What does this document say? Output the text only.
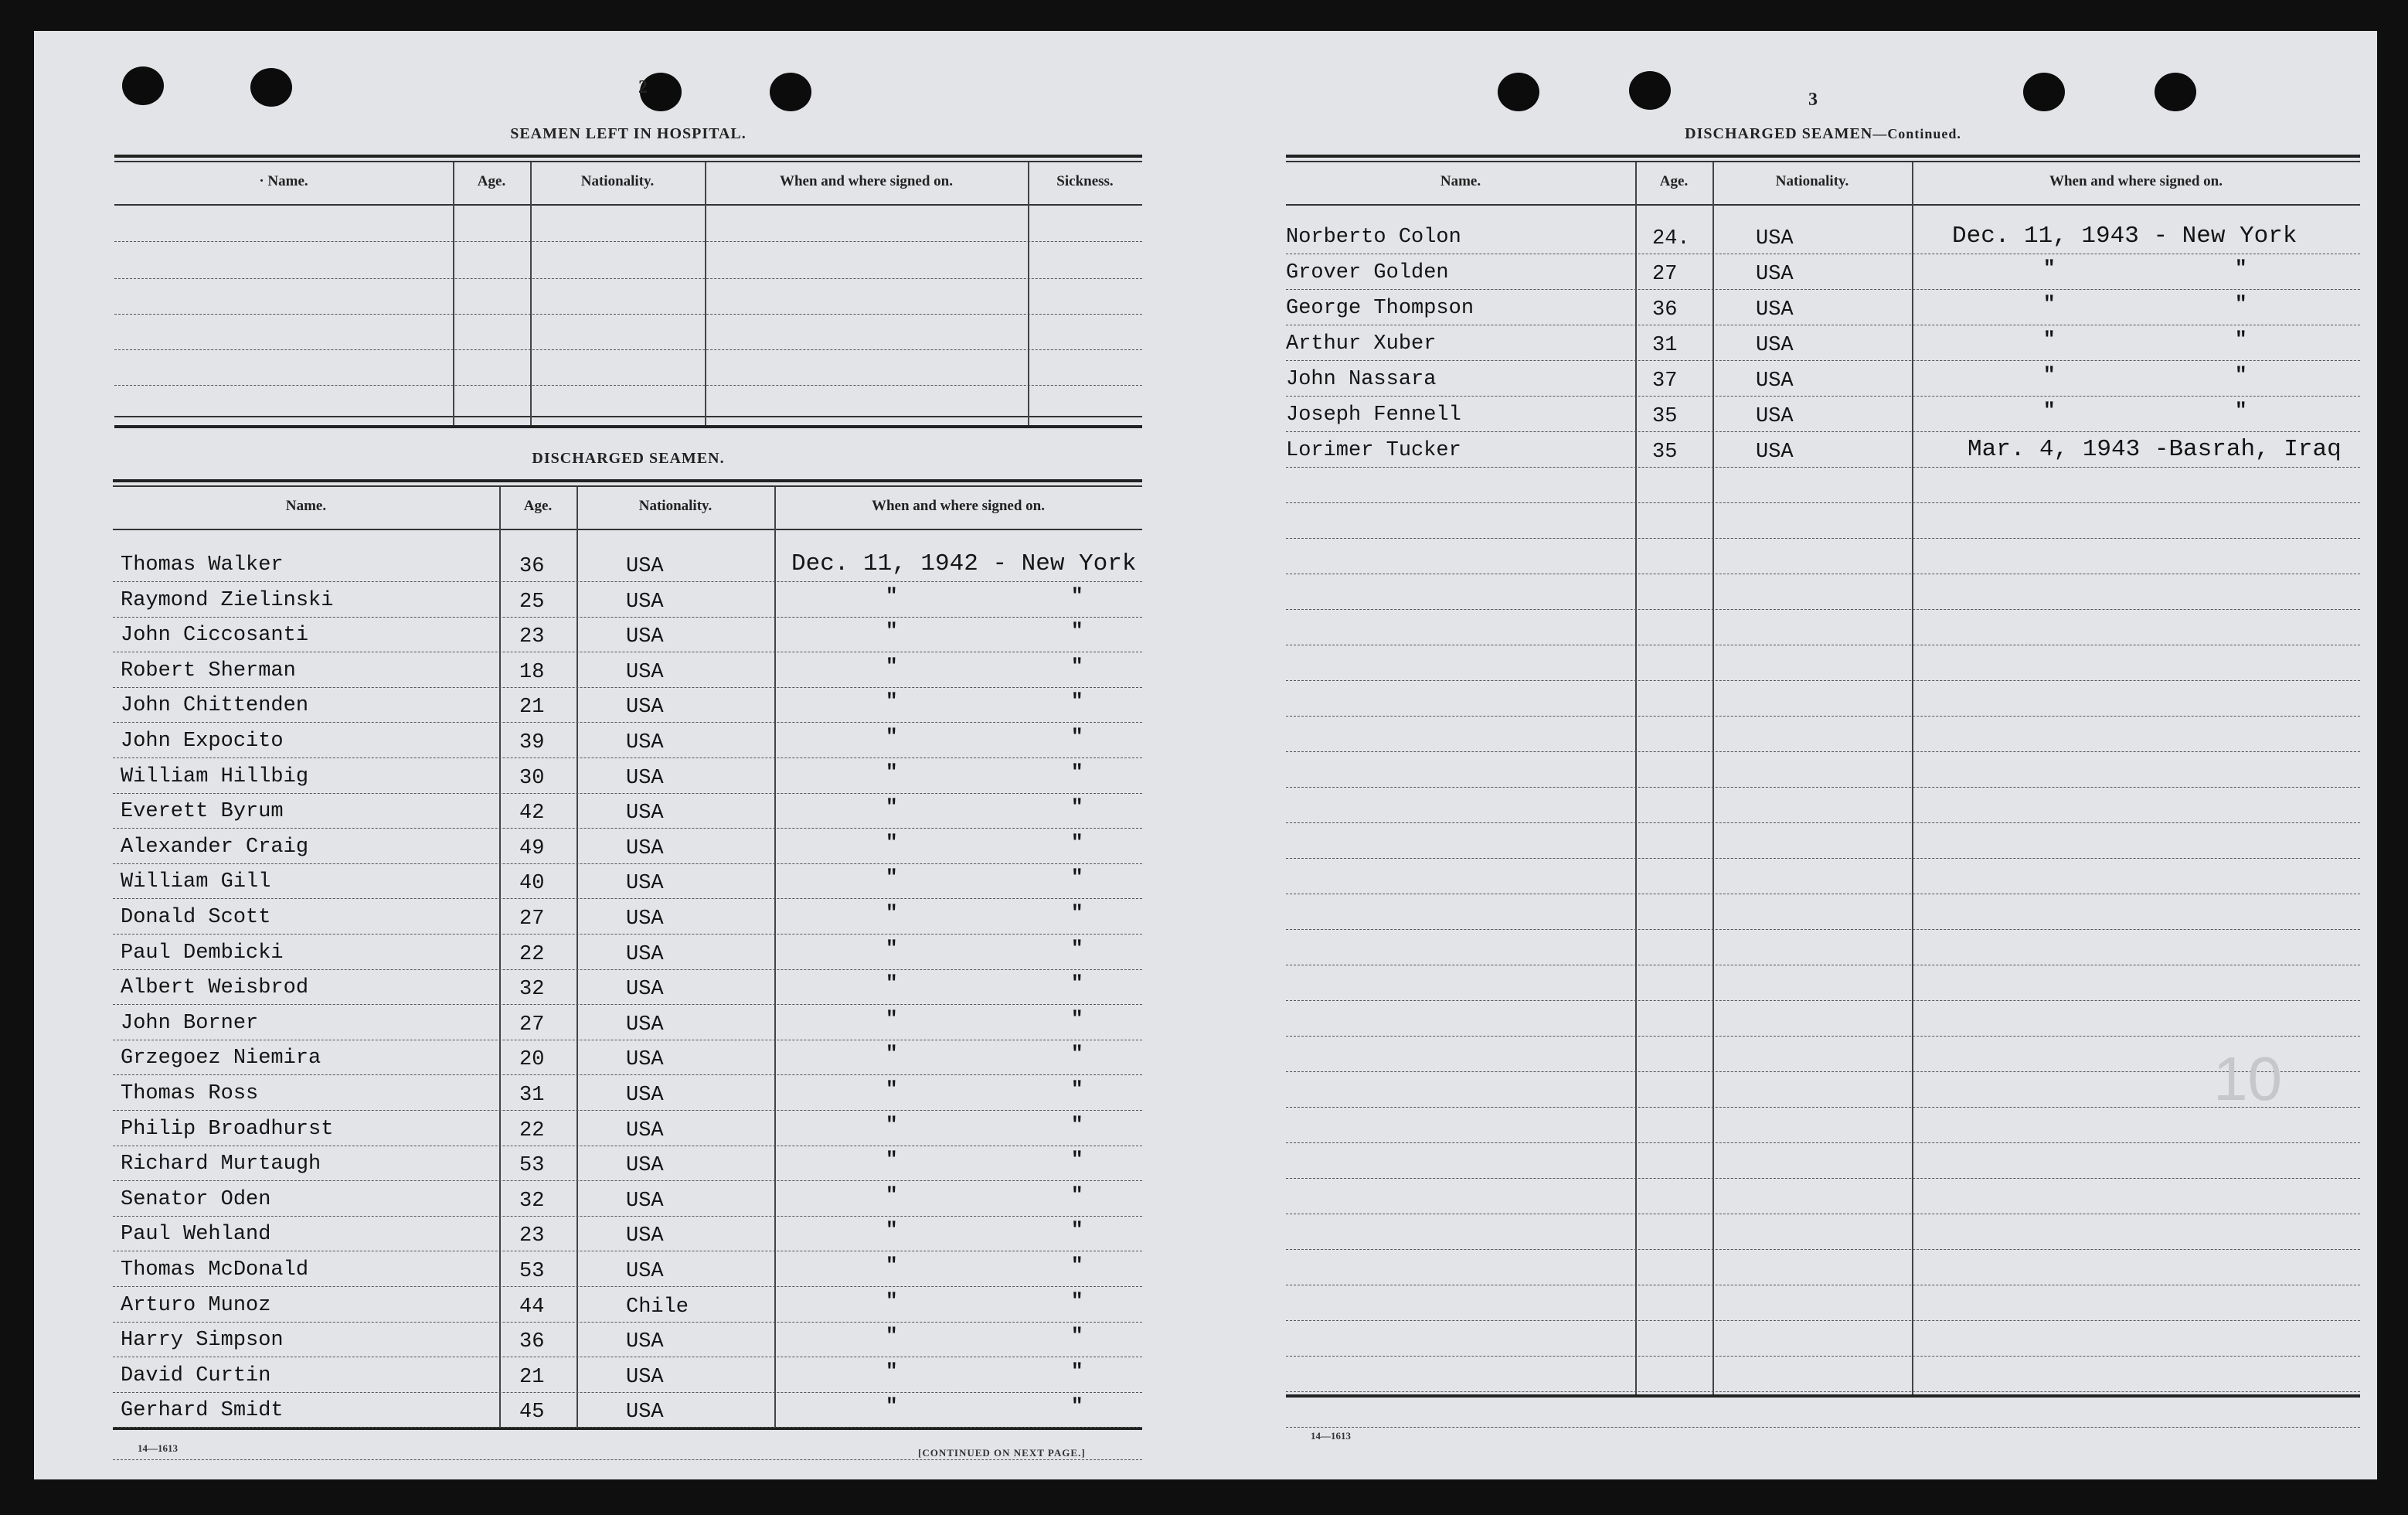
2
SEAMEN LEFT IN HOSPITAL.
· Name.	Age.	Nationality.	When and where signed on.	Sickness.
DISCHARGED SEAMEN.
Name.	Age.	Nationality.	When and where signed on.
Thomas Walker	36	USA	Dec. 11, 1942 - New York
Raymond Zielinski	25	USA	"	"
John Ciccosanti	23	USA	"	"
Robert Sherman	18	USA	"	"
John Chittenden	21	USA	"	"
John Expocito	39	USA	"	"
William Hillbig	30	USA	"	"
Everett Byrum	42	USA	"	"
Alexander Craig	49	USA	"	"
William Gill	40	USA	"	"
Donald Scott	27	USA	"	"
Paul Dembicki	22	USA	"	"
Albert Weisbrod	32	USA	"	"
John Borner	27	USA	"	"
Grzegoez Niemira	20	USA	"	"
Thomas Ross	31	USA	"	"
Philip Broadhurst	22	USA	"	"
Richard Murtaugh	53	USA	"	"
Senator Oden	32	USA	"	"
Paul Wehland	23	USA	"	"
Thomas McDonald	53	USA	"	"
Arturo Munoz	44	Chile	"	"
Harry Simpson	36	USA	"	"
David Curtin	21	USA	"	"
Gerhard Smidt	45	USA	"	"
14—1613	[CONTINUED ON NEXT PAGE.]
3
DISCHARGED SEAMEN—Continued.
Name.	Age.	Nationality.	When and where signed on.
Norberto Colon	24.	USA	Dec. 11, 1943 - New York
Grover Golden	27	USA	"	"
George Thompson	36	USA	"	"
Arthur Xuber	31	USA	"	"
John Nassara	37	USA	"	"
Joseph Fennell	35	USA	"	"
Lorimer Tucker	35	USA	Mar. 4, 1943 -Basrah, Iraq
14—1613
10
